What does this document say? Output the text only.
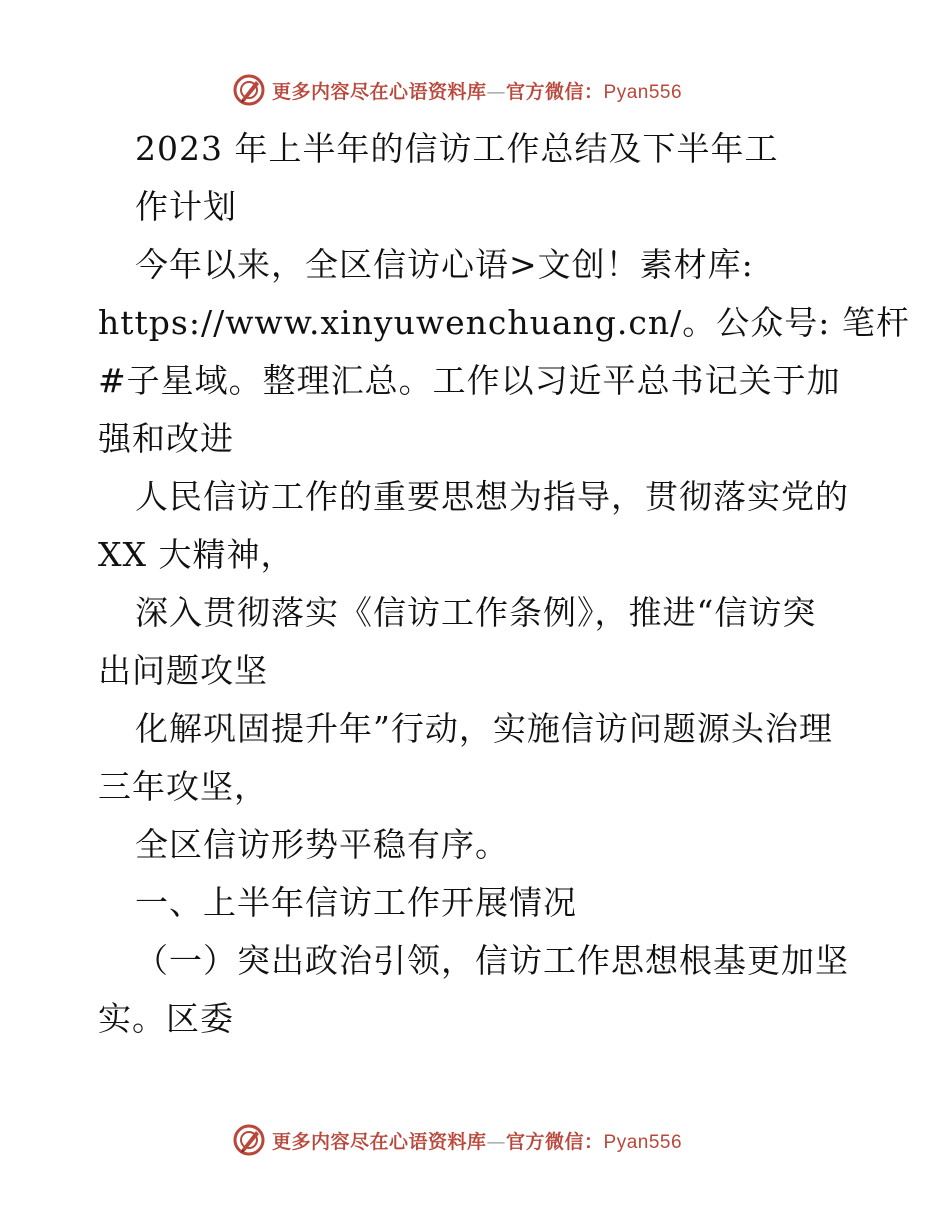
更多内容尽在心语资料库—官方微信：Pyan556
2023 年上半年的信访工作总结及下半年工
作计划
今年以来，全区信访心语>文创！素材库:
https://www.xinyuwenchuang.cn/。公众号: 笔杆
#子星域。整理汇总。工作以习近平总书记关于加
强和改进
人民信访工作的重要思想为指导，贯彻落实党的
XX 大精神，
深入贯彻落实《信访工作条例》，推进“信访突
出问题攻坚
化解巩固提升年”行动，实施信访问题源头治理
三年攻坚，
全区信访形势平稳有序。
一、上半年信访工作开展情况
（一）突出政治引领，信访工作思想根基更加坚
实。区委
更多内容尽在心语资料库—官方微信：Pyan556
